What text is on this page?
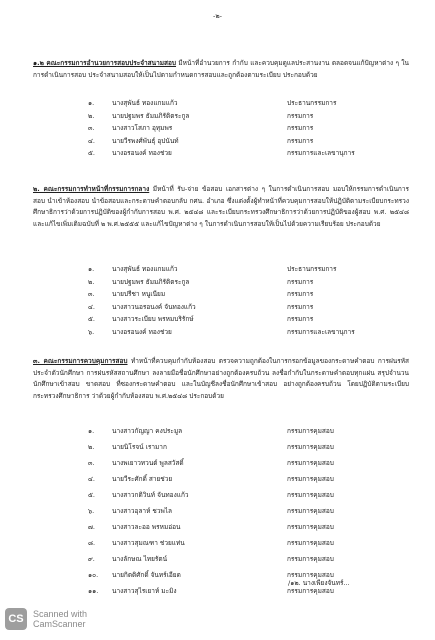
-๒-
๑.๒ คณะกรรมการอำนวยการสอบประจำสนามสอบ มีหน้าที่อำนวยการ กำกับ และควบคุมดูแลประสานงาน ตลอดจนแก้ปัญหาต่าง ๆ ในการดำเนินการสอบ ประจำสนามสอบให้เป็นไปตามกำหนดการสอบและถูกต้องตามระเบียบ ประกอบด้วย
๑.	นางสุพันธ์ ทองแกมแก้ว	ประธานกรรมการ
๒.	นายปฐมพร ธัมมภิรัติตระกูล	กรรมการ
๓.	นางสาวโสภา อุทุมพร	กรรมการ
๔.	นายวีรพงศ์พันธุ์ อุปนันท์	กรรมการ
๕.	นางอรอนงค์ ทองช่วย	กรรมการและเลขานุการ
๒. คณะกรรมการทำหน้าที่กรรมการกลาง มีหน้าที่ รับ-จ่าย ข้อสอบ เอกสารต่าง ๆ ในการดำเนินการสอบ มอบให้กรรมการดำเนินการสอบ นำเข้าห้องสอบ นำข้อสอบและกระดาษคำตอบกลับ กศน. อำเภอ ซึ่งแต่งตั้งผู้ทำหน้าที่ควบคุมการสอบให้ปฏิบัติตามระเบียบกระทรวงศึกษาธิการว่าด้วยการปฏิบัติของผู้กำกับการสอบ พ.ศ. ๒๕๔๘ และระเบียบกระทรวงศึกษาธิการว่าด้วยการปฏิบัติของผู้สอบ พ.ศ. ๒๕๔๘ และแก้ไขเพิ่มเติมฉบับที่ ๒ พ.ศ.๒๕๕๕ และแก้ไขปัญหาต่าง ๆ ในการดำเนินการสอบให้เป็นไปด้วยความเรียบร้อย ประกอบด้วย
๑.	นางสุพันธ์ ทองแกมแก้ว	ประธานกรรมการ
๒.	นายปฐมพร ธัมมภิรัติตระกูล	กรรมการ
๓.	นายปรีชา หนูเนียม	กรรมการ
๔.	นางสาวนอรอนงค์ จันทองแก้ว	กรรมการ
๕.	นางสาวระเบียบ พรหมบริรักษ์	กรรมการ
๖.	นางอรอนงค์ ทองช่วย	กรรมการและเลขานุการ
๓. คณะกรรมการควบคุมการสอบ ทำหน้าที่ควบคุมกำกับห้องสอบ ตรวจความถูกต้องในการกรอกข้อมูลของกระดาษคำตอบ การฝนรหัสประจำตัวนักศึกษา การฝนรหัสสถานศึกษา ลงลายมือชื่อนักศึกษาอย่างถูกต้องครบถ้วน ลงชื่อกำกับในกระดาษคำตอบทุกแผ่น สรุปจำนวนนักศึกษาเข้าสอบ ขาดสอบ ที่ซองกระดาษคำตอบ และในบัญชีลงชื่อนักศึกษาเข้าสอบ อย่างถูกต้องครบถ้วน โดยปฏิบัติตามระเบียบกระทรวงศึกษาธิการ ว่าด้วยผู้กำกับห้องสอบ พ.ศ.๒๕๔๘ ประกอบด้วย
๑.	นางสาวกัญญา คงประมูล	กรรมการคุมสอบ
๒.	นายนิโรจน์ เรามาก	กรรมการคุมสอบ
๓.	นางพเยาวทวนต์ พูลสวัสดิ์	กรรมการคุมสอบ
๔.	นายวีระศักดิ์ สายช่วย	กรรมการคุมสอบ
๕.	นางสาวกติวินท์ จันทองแก้ว	กรรมการคุมสอบ
๖.	นางสาวอุลาห์ ชวพไล	กรรมการคุมสอบ
๗.	นางสาวละออ พรหมอ่อน	กรรมการคุมสอบ
๘.	นางสาวสุมณฑา ช่วยแท่น	กรรมการคุมสอบ
๙.	นางลักษณ ไทยรัตน์	กรรมการคุมสอบ
๑๐.	นายกิตติศักดิ์ จันทร์เอียด	กรรมการคุมสอบ
๑๑.	นางสาวสุไรเยาห์ มะมิง	กรรมการคุมสอบ
/๑๒. นางเพียงจันทร์...
CS	Scanned with
CamScanner
